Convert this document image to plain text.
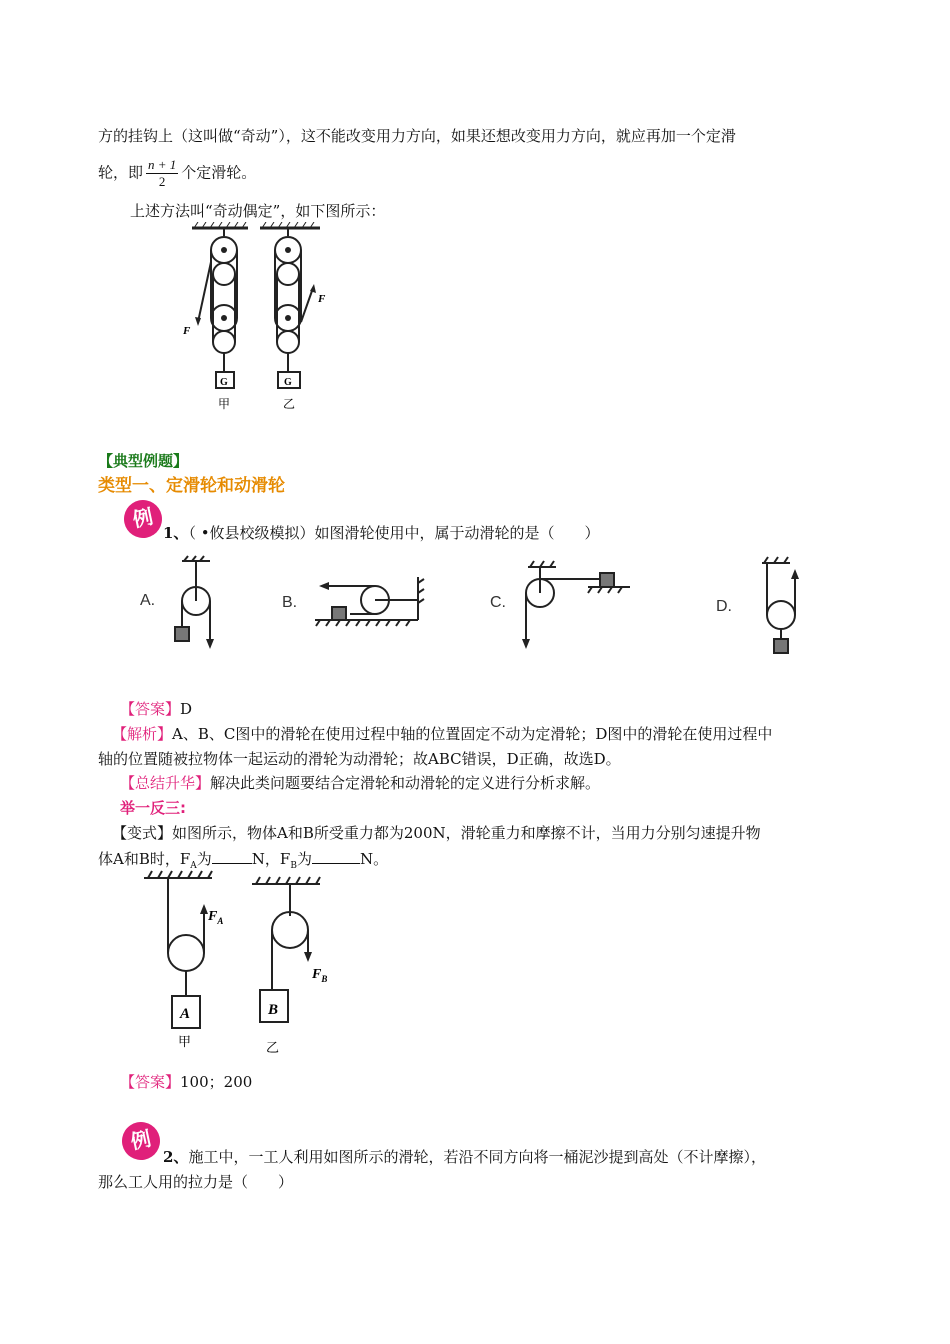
方的挂钩上（这叫做“奇动”），这不能改变用力方向，如果还想改变用力方向，就应再加一个定滑
轮，即 $\frac{n + 1}{2}$ 个定滑轮。
上述方法叫“奇动偶定”，如下图所示：
F
G
甲
F
G
乙
【典型例题】
类型一、定滑轮和动滑轮
例
1、（ •攸县校级模拟）如图滑轮使用中，属于动滑轮的是（　　）
A.	B.	C.	D.
【答案】D
【解析】A、B、C图中的滑轮在使用过程中轴的位置固定不动为定滑轮；D图中的滑轮在使用过程中
轴的位置随被拉物体一起运动的滑轮为动滑轮；故ABC错误，D正确，故选D。
【总结升华】解决此类问题要结合定滑轮和动滑轮的定义进行分析求解。
举一反三:
【变式】如图所示，物体A和B所受重力都为200N，滑轮重力和摩擦不计，当用力分别匀速提升物
体A和B时，$F_A$为	N，$F_B$为	N。
$F_A$
$F_B$
A	B
甲	乙
【答案】100；200
例
2、施工中，一工人利用如图所示的滑轮，若沿不同方向将一桶泥沙提到高处（不计摩擦），
那么工人用的拉力是（　　）
